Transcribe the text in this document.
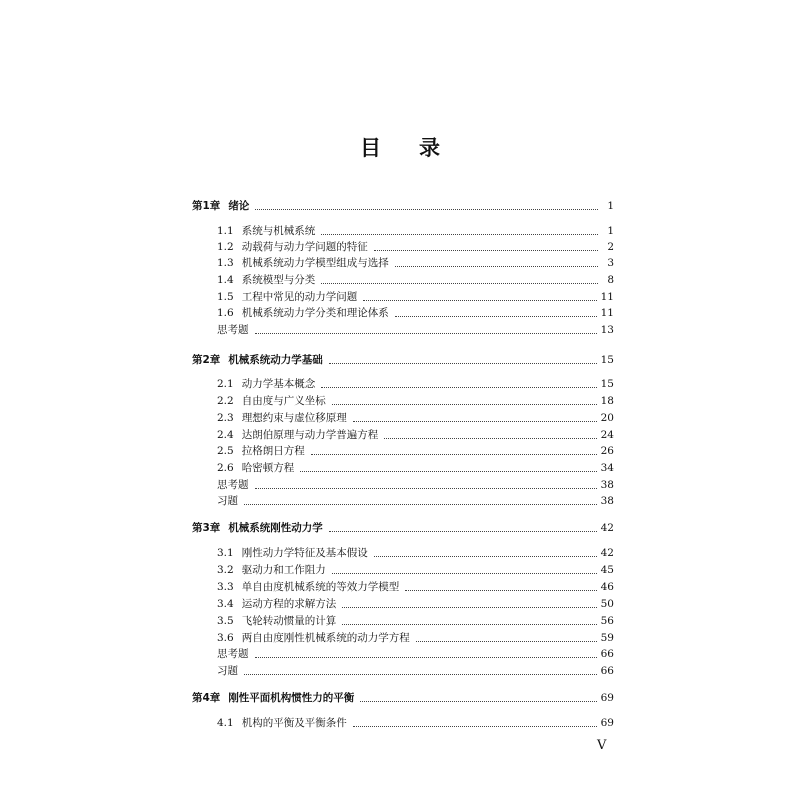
目 录
第1章 绪论	1
1.1 系统与机械系统	1
1.2 动载荷与动力学问题的特征	2
1.3 机械系统动力学模型组成与选择	3
1.4 系统模型与分类	8
1.5 工程中常见的动力学问题	11
1.6 机械系统动力学分类和理论体系	11
思考题	13
第2章 机械系统动力学基础	15
2.1 动力学基本概念	15
2.2 自由度与广义坐标	18
2.3 理想约束与虚位移原理	20
2.4 达朗伯原理与动力学普遍方程	24
2.5 拉格朗日方程	26
2.6 哈密顿方程	34
思考题	38
习题	38
第3章 机械系统刚性动力学	42
3.1 刚性动力学特征及基本假设	42
3.2 驱动力和工作阻力	45
3.3 单自由度机械系统的等效力学模型	46
3.4 运动方程的求解方法	50
3.5 飞轮转动惯量的计算	56
3.6 两自由度刚性机械系统的动力学方程	59
思考题	66
习题	66
第4章 刚性平面机构惯性力的平衡	69
4.1 机构的平衡及平衡条件	69
V
